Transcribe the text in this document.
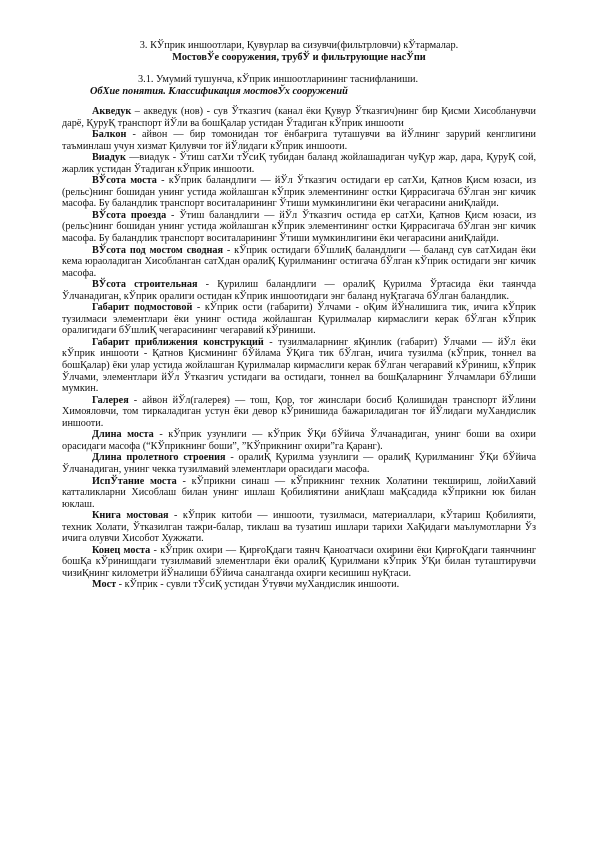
3. КЎприк иншоотлари, Қувурлар ва сизувчи(фильтрловчи) кЎтармалар.

МостовЎе сооружения, трубЎ и фильтрующие насЎпи

3.1. Умумий тушунча, кЎприк иншоотларининг таснифланиши.

ОбХие понятия. Классификация мостовЎх сооружений

Акведук – акведук (нов) - сув Ўтказгич (канал ёки Қувур Ўтказгич)нинг бир Қисми Хисобланувчи дарё, ҚуруҚ транспорт йЎли ва бошҚалар устидан Ўтадиган кЎприк иншооти

Балкон - айвон — бир томонидан тоғ ёнбағрига туташувчи ва йЎлнинг зарурий кенглигини таъминлаш учун хизмат Қилувчи тоғ йЎлидаги кЎприк иншооти.

Виадук —виадук - Ўтиш сатХи тЎсиҚ тубидан баланд жойлашадиган чуҚур жар, дара, ҚуруҚ сой, жарлик устидан Ўтадиган кЎприк иншооти.

ВЎсота моста - кЎприк баландлиги — йЎл Ўтказгич остидаги ер сатХи, Қатнов Қисм юзаси, из (рельс)нинг бошидан унинг устида жойлашган кЎприк элементининг остки Қиррасигача бЎлган энг кичик масофа. Бу баландлик транспорт воситаларининг Ўтиши мумкинлигини ёки чегарасини аниҚлайди.

ВЎсота проезда - Ўтиш баландлиги — йЎл Ўтказгич остида ер сатХи, Қатнов Қисм юзаси, из (рельс)нинг бошидан унинг устида жойлашган кЎприк элементининг остки Қиррасигача бЎлган энг кичик масофа. Бу баландлик транспорт воситаларининг Ўтиши мумкинлигини ёки чегарасини аниҚлайди.

ВЎсота под мостом сводная - кЎприк остидаги бЎшлиҚ баландлиги — баланд сув сатХидан ёки кема юраоладиган Хисобланган сатХдан оралиҚ Қурилманинг остигача бЎлган кЎприк остидаги энг кичик масофа.

ВЎсота строительная - Қурилиш баландлиги — оралиҚ Қурилма Ўртасида ёки таянчда Ўлчанадиган, кЎприк оралиги остидан кЎприк иншоотидаги энг баланд нуҚтагача бЎлган баландлик.

Габарит подмостовой - кЎприк ости (габарити) Ўлчами - оҚим йЎналишига тик, ичига кЎприк тузилмаси элементлари ёки унинг остида жойлашган Қурилмалар кирмаслиги керак бЎлган кЎприк оралигидаги бЎшлиҚ чегарасининг чегаравий кЎриниши.

Габарит приближения конструкций - тузилмаларнинг яҚинлик (габарит) Ўлчами — йЎл ёки кЎприк иншооти - Қатнов Қисмининг бЎйлама ЎҚига тик бЎлган, ичига тузилма (кЎприк, тоннел ва бошҚалар) ёки улар устида жойлашган Қурилмалар кирмаслиги керак бЎлган чегаравий кЎриниш, кЎприк Ўлчами, элементлари йЎл Ўтказгич устидаги ва остидаги, тоннел ва бошҚаларнинг Ўлчамлари бЎлиши мумкин.

Галерея - айвон йЎл(галерея) — тош, Қор, тоғ жинслари босиб Қолишидан транспорт йЎлини Химояловчи, том тиркаладиган устун ёки девор кЎринишида бажариладиган тоғ йЎлидаги муХандислик иншооти.

Длина моста - кЎприк узунлиги — кЎприк ЎҚи бЎйича Ўлчанадиган, унинг боши ва охири орасидаги масофа (“КЎприкнинг боши”, ”КЎприкнинг охири”га Қаранг).

Длина пролетного строения - оралиҚ Қурилма узунлиги — оралиҚ Қурилманинг ЎҚи бЎйича Ўлчанадиган, унинг чекка тузилмавий элементлари орасидаги масофа.

ИспЎтание моста - кЎприкни синаш — кЎприкнинг техник Холатини текшириш, лойиХавий катталикларни Хисоблаш билан унинг ишлаш Қобилиятини аниҚлаш маҚсадида кЎприкни юк билан юклаш.

Книга мостовая - кЎприк китоби — иншооти, тузилмаси, материаллари, кЎтариш Қобилияти, техник Холати, Ўтказилган тажри-балар, тиклаш ва тузатиш ишлари тарихи ХаҚидаги маълумотларни Ўз ичига олувчи Хисобот Хужжати.

Конец моста - кЎприк охири — ҚирғоҚдаги таянч Қаноатчаси охирини ёки ҚирғоҚдаги таянчнинг бошҚа кЎринишдаги тузилмавий элементлари ёки оралиҚ Қурилмани кЎприк ЎҚи билан туташтирувчи чизиҚнинг километри йЎналиши бЎйича саналганда охирги кесишиш нуҚтаси.

Мост - кЎприк - сувли тЎсиҚ устидан Ўтувчи муХандислик иншооти.
